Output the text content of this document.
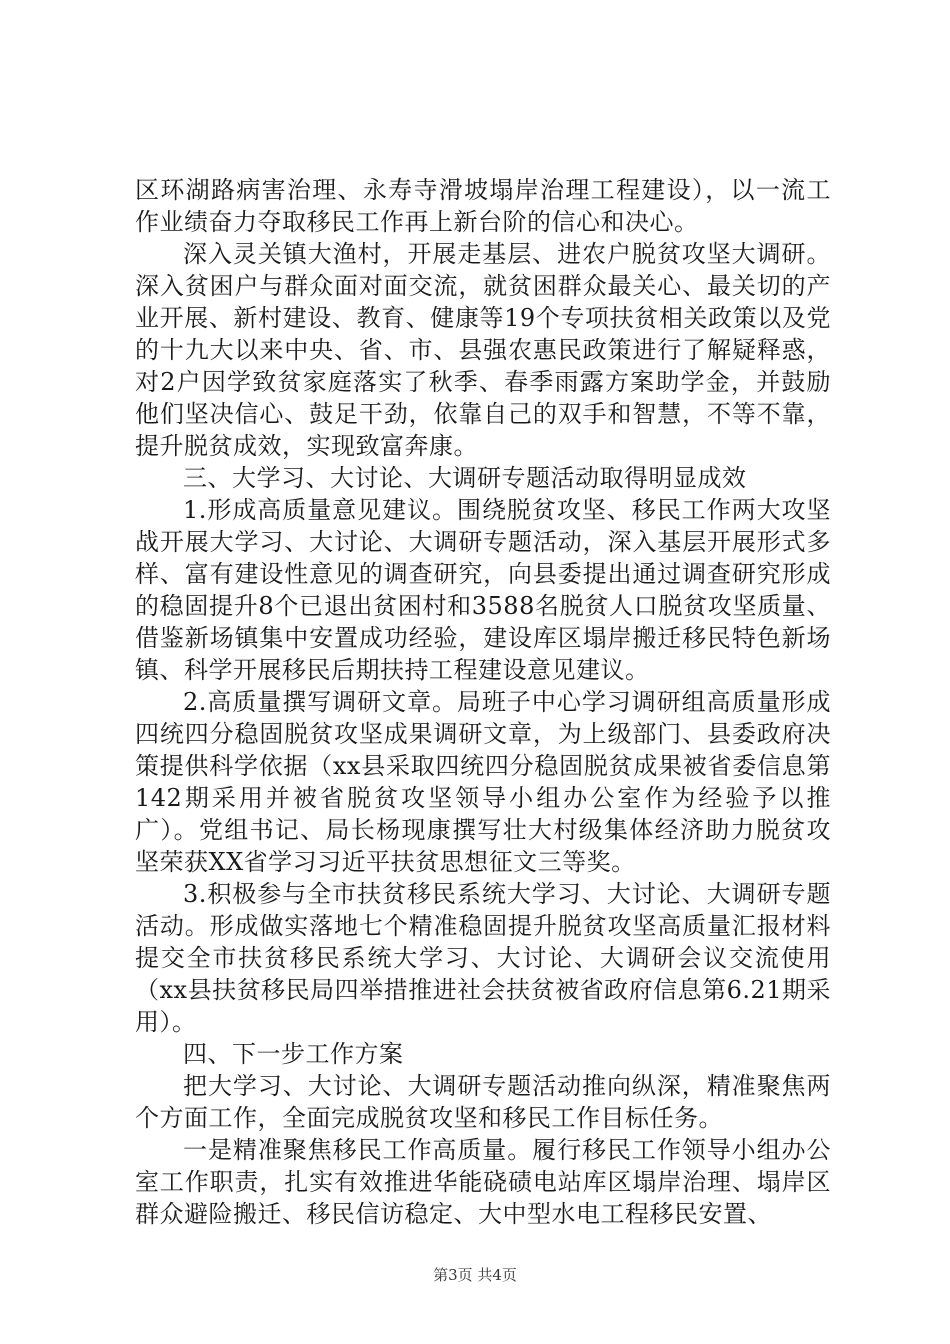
区环湖路病害治理、永寿寺滑坡塌岸治理工程建设），以一流工作业绩奋力夺取移民工作再上新台阶的信心和决心。

深入灵关镇大渔村，开展走基层、进农户脱贫攻坚大调研。深入贫困户与群众面对面交流，就贫困群众最关心、最关切的产业开展、新村建设、教育、健康等19个专项扶贫相关政策以及党的十九大以来中央、省、市、县强农惠民政策进行了解疑释惑，对2户因学致贫家庭落实了秋季、春季雨露方案助学金，并鼓励他们坚决信心、鼓足干劲，依靠自己的双手和智慧，不等不靠，提升脱贫成效，实现致富奔康。

三、大学习、大讨论、大调研专题活动取得明显成效

1.形成高质量意见建议。围绕脱贫攻坚、移民工作两大攻坚战开展大学习、大讨论、大调研专题活动，深入基层开展形式多样、富有建设性意见的调查研究，向县委提出通过调查研究形成的稳固提升8个已退出贫困村和3588名脱贫人口脱贫攻坚质量、借鉴新场镇集中安置成功经验，建设库区塌岸搬迁移民特色新场镇、科学开展移民后期扶持工程建设意见建议。

2.高质量撰写调研文章。局班子中心学习调研组高质量形成四统四分稳固脱贫攻坚成果调研文章，为上级部门、县委政府决策提供科学依据（xx县采取四统四分稳固脱贫成果被省委信息第142期采用并被省脱贫攻坚领导小组办公室作为经验予以推广）。党组书记、局长杨现康撰写壮大村级集体经济助力脱贫攻坚荣获XX省学习习近平扶贫思想征文三等奖。

3.积极参与全市扶贫移民系统大学习、大讨论、大调研专题活动。形成做实落地七个精准稳固提升脱贫攻坚高质量汇报材料提交全市扶贫移民系统大学习、大讨论、大调研会议交流使用（xx县扶贫移民局四举措推进社会扶贫被省政府信息第6.21期采用）。

四、下一步工作方案

把大学习、大讨论、大调研专题活动推向纵深，精准聚焦两个方面工作，全面完成脱贫攻坚和移民工作目标任务。

一是精准聚焦移民工作高质量。履行移民工作领导小组办公室工作职责，扎实有效推进华能硗碛电站库区塌岸治理、塌岸区群众避险搬迁、移民信访稳定、大中型水电工程移民安置、

第3页 共4页
